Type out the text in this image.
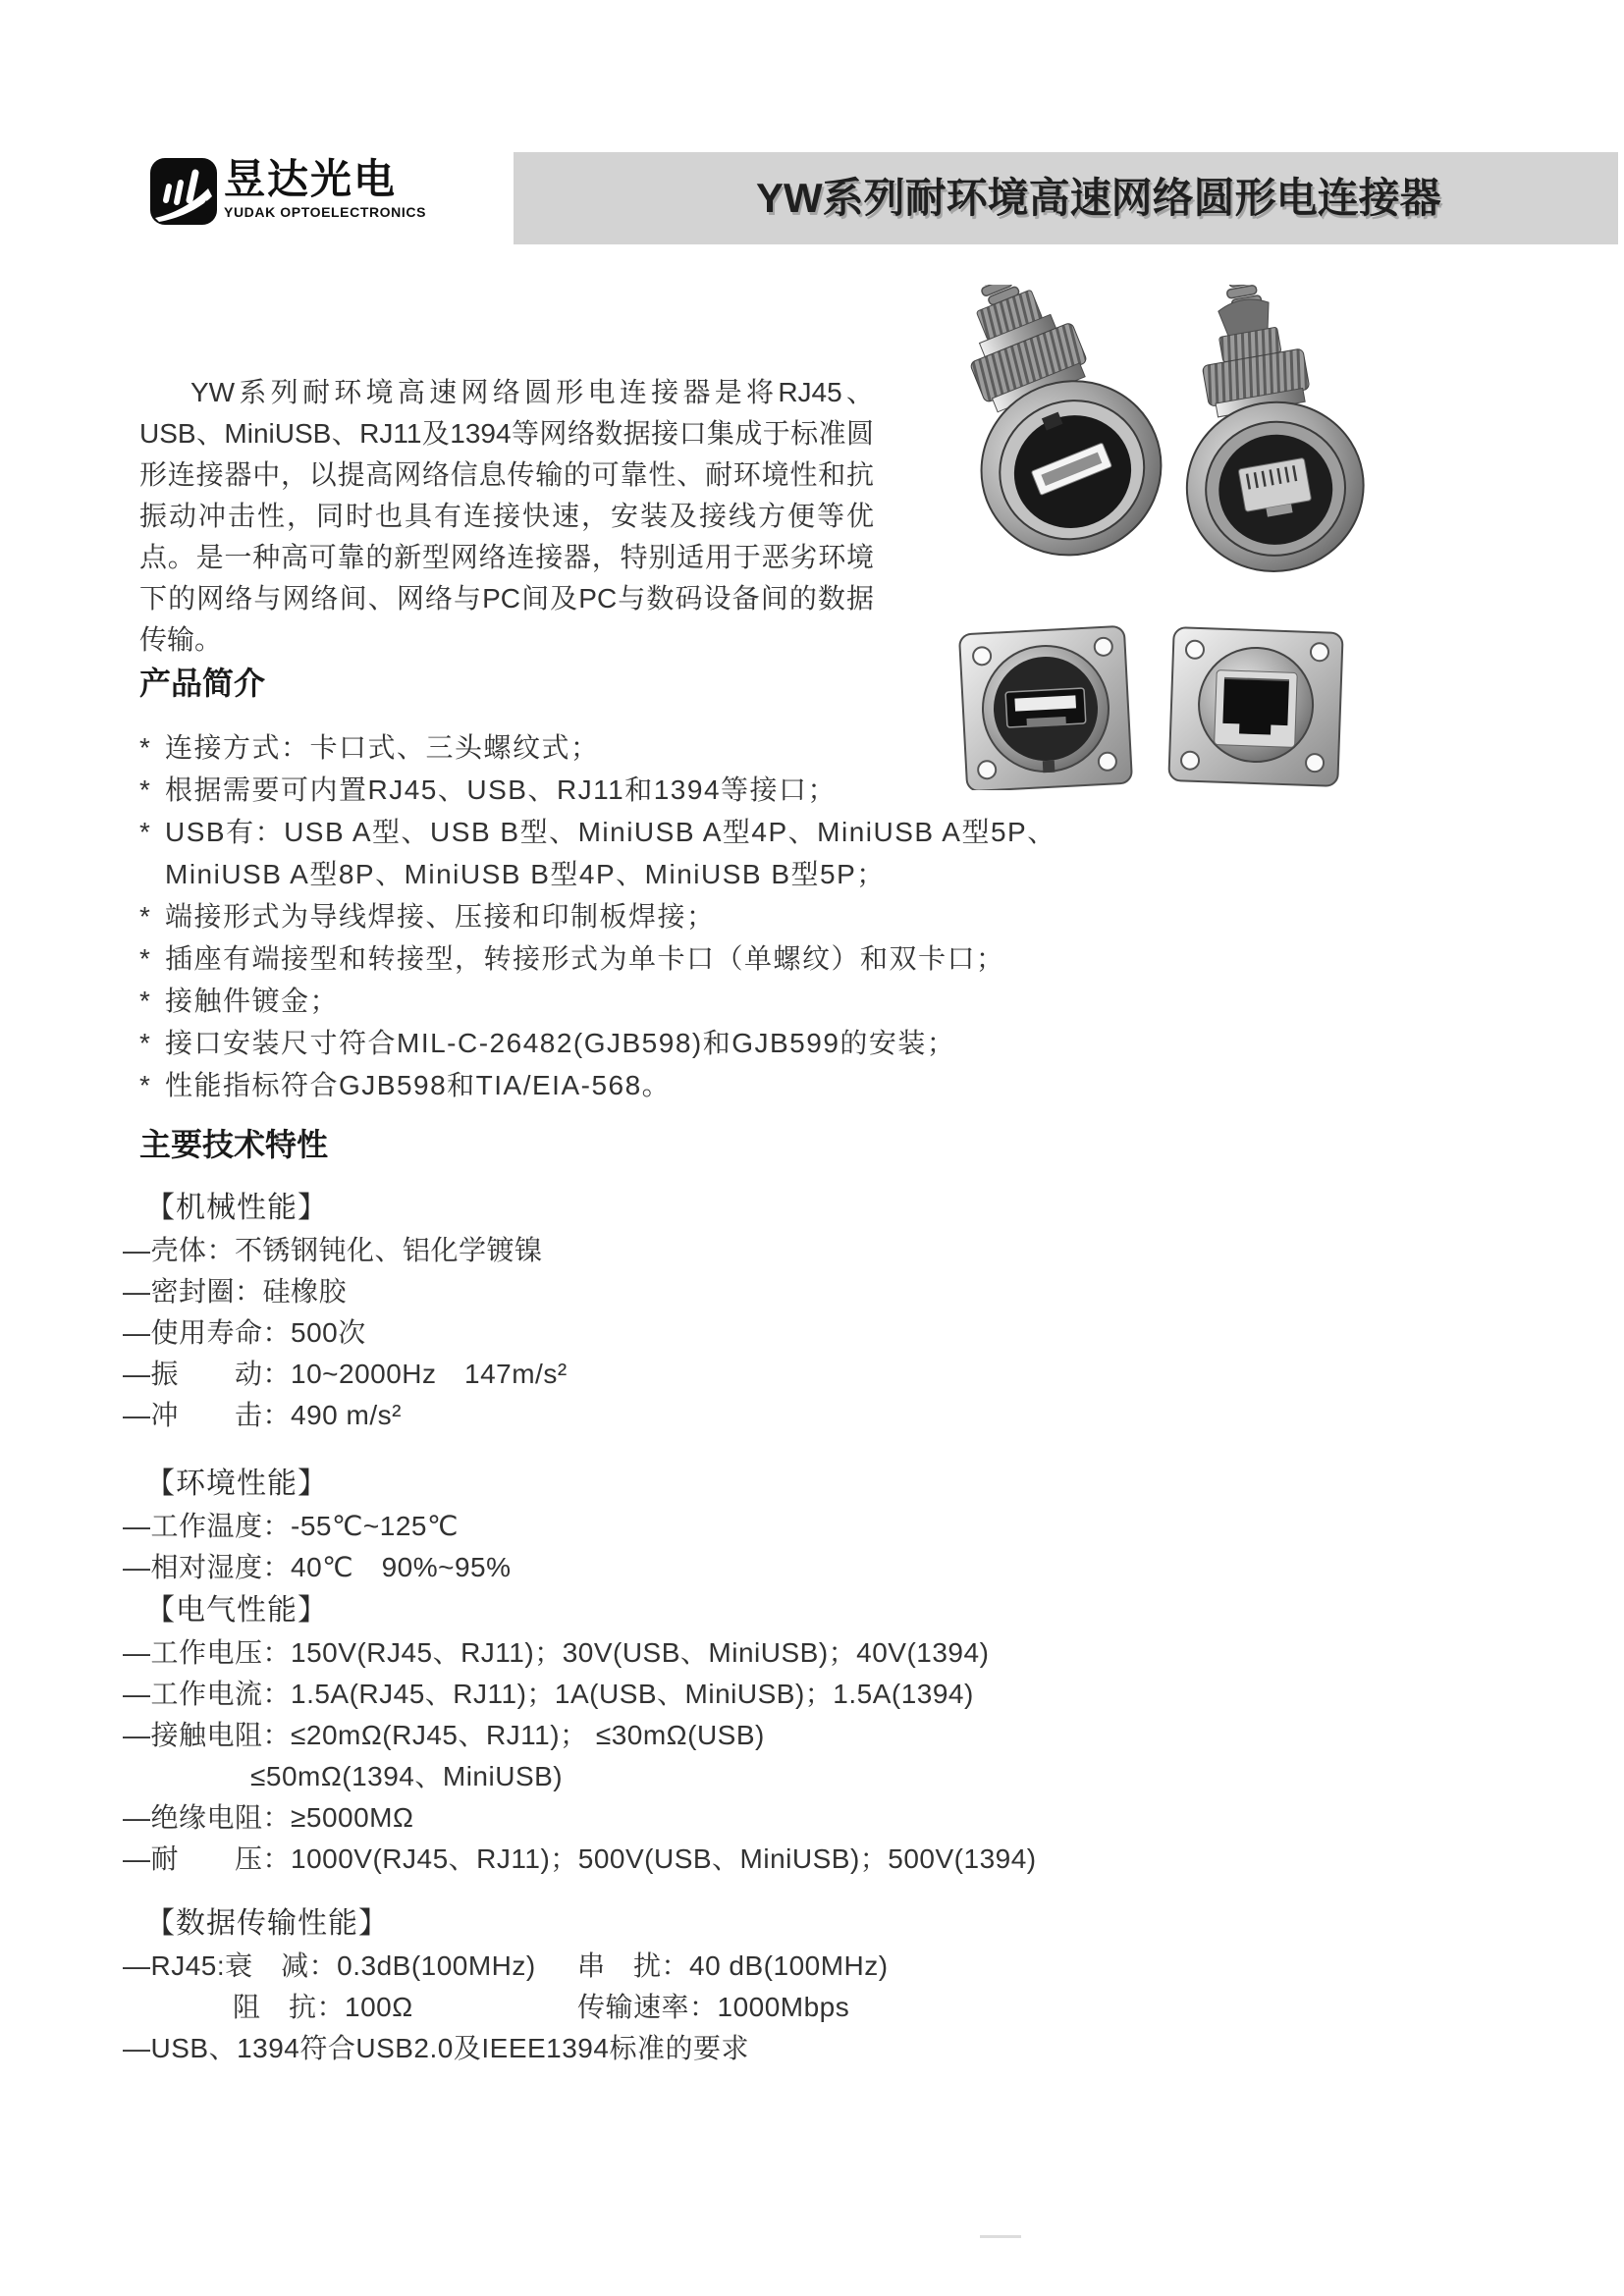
昱达光电
YUDAK OPTOELECTRONICS	YW系列耐环境高速网络圆形电连接器

YW系列耐环境高速网络圆形电连接器是将RJ45、USB、MiniUSB、RJ11及1394等网络数据接口集成于标准圆形连接器中，以提高网络信息传输的可靠性、耐环境性和抗振动冲击性，同时也具有连接快速，安装及接线方便等优点。是一种高可靠的新型网络连接器，特别适用于恶劣环境下的网络与网络间、网络与PC间及PC与数码设备间的数据传输。

产品简介
* 连接方式：卡口式、三头螺纹式；
* 根据需要可内置RJ45、USB、RJ11和1394等接口；
* USB有：USB A型、USB B型、MiniUSB A型4P、MiniUSB A型5P、
MiniUSB A型8P、MiniUSB B型4P、MiniUSB B型5P；
* 端接形式为导线焊接、压接和印制板焊接；
* 插座有端接型和转接型，转接形式为单卡口（单螺纹）和双卡口；
* 接触件镀金；
* 接口安装尺寸符合MIL-C-26482(GJB598)和GJB599的安装；
* 性能指标符合GJB598和TIA/EIA-568。
主要技术特性
【机械性能】
—壳体：不锈钢钝化、铝化学镀镍
—密封圈：硅橡胶
—使用寿命：500次
—振　　动：10~2000Hz　147m/s²
—冲　　击：490 m/s²
【环境性能】
—工作温度：-55℃~125℃
—相对湿度：40℃　90%~95%
【电气性能】
—工作电压：150V(RJ45、RJ11)；30V(USB、MiniUSB)；40V(1394)
—工作电流：1.5A(RJ45、RJ11)；1A(USB、MiniUSB)；1.5A(1394)
—接触电阻：≤20mΩ(RJ45、RJ11)； ≤30mΩ(USB)
≤50mΩ(1394、MiniUSB)
—绝缘电阻：≥5000MΩ
—耐　　压：1000V(RJ45、RJ11)；500V(USB、MiniUSB)；500V(1394)
【数据传输性能】
—RJ45:衰　减：0.3dB(100MHz) 串　扰：40 dB(100MHz)
阻　抗：100Ω	传输速率：1000Mbps
—USB、1394符合USB2.0及IEEE1394标准的要求
